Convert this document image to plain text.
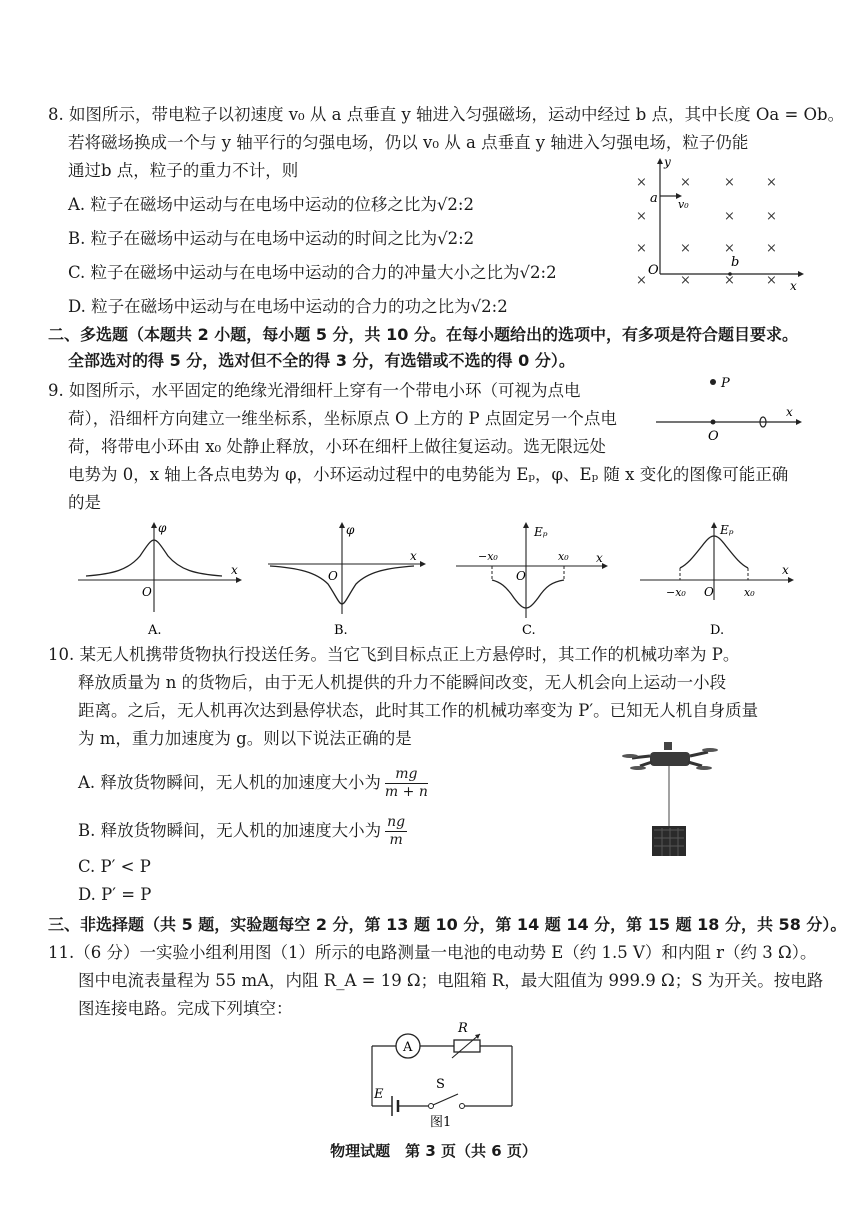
8. 如图所示，带电粒子以初速度 v₀ 从 a 点垂直 y 轴进入匀强磁场，运动中经过 b 点，其中长度 Oa = Ob。
若将磁场换成一个与 y 轴平行的匀强电场，仍以 v₀ 从 a 点垂直 y 轴进入匀强电场，粒子仍能
通过b 点，粒子的重力不计，则
A. 粒子在磁场中运动与在电场中运动的位移之比为√2:2
B. 粒子在磁场中运动与在电场中运动的时间之比为√2:2
C. 粒子在磁场中运动与在电场中运动的合力的冲量大小之比为√2:2
D. 粒子在磁场中运动与在电场中运动的合力的功之比为√2:2
y
x
O
a v₀
b
×	×	× ×
×	× ×
×	×	× ×
×	×	× ×
二、多选题（本题共 2 小题，每小题 5 分，共 10 分。在每小题给出的选项中，有多项是符合题目要求。
全部选对的得 5 分，选对但不全的得 3 分，有选错或不选的得 0 分）。
9. 如图所示，水平固定的绝缘光滑细杆上穿有一个带电小环（可视为点电
荷），沿细杆方向建立一维坐标系，坐标原点 O 上方的 P 点固定另一个点电
荷，将带电小环由 x₀ 处静止释放，小环在细杆上做往复运动。选无限远处
电势为 0，x 轴上各点电势为 φ，小环运动过程中的电势能为 Eₚ，φ、Eₚ 随 x 变化的图像可能正确
的是
P
x
O
φ
x
O
A.
φ
x
O
B.
Eₚ
x
O
−x₀	x₀
C.
Eₚ
x
O
−x₀	x₀
D.
10. 某无人机携带货物执行投送任务。当它飞到目标点正上方悬停时，其工作的机械功率为 P。
释放质量为 n 的货物后，由于无人机提供的升力不能瞬间改变，无人机会向上运动一小段
距离。之后，无人机再次达到悬停状态，此时其工作的机械功率变为 P′。已知无人机自身质量
为 m，重力加速度为 g。则以下说法正确的是
A. 释放货物瞬间，无人机的加速度大小为 $\frac{mg}{m + n}$
B. 释放货物瞬间，无人机的加速度大小为 $\frac{ng}{m}$
C. P′ < P
D. P′ = P
三、非选择题（共 5 题，实验题每空 2 分，第 13 题 10 分，第 14 题 14 分，第 15 题 18 分，共 58 分）。
11.（6 分）一实验小组利用图（1）所示的电路测量一电池的电动势 E（约 1.5 V）和内阻 r（约 3 Ω）。
图中电流表量程为 55 mA，内阻 R_A = 19 Ω；电阻箱 R，最大阻值为 999.9 Ω；S 为开关。按电路
图连接电路。完成下列填空：
A
R
E
S
图1
物理试题　第 3 页（共 6 页）
